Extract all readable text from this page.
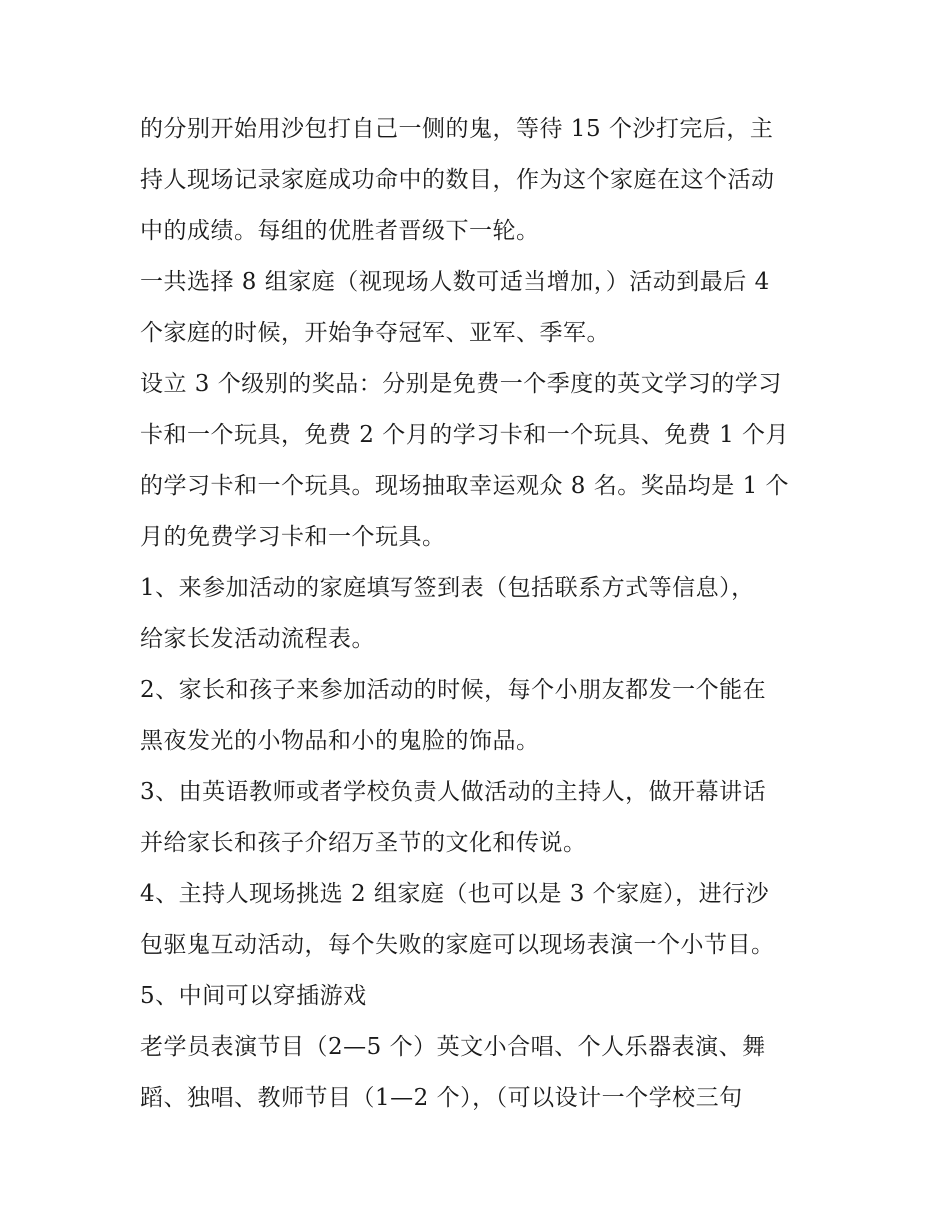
的分别开始用沙包打自己一侧的鬼，等待 15 个沙打完后，主
持人现场记录家庭成功命中的数目，作为这个家庭在这个活动
中的成绩。每组的优胜者晋级下一轮。
一共选择 8 组家庭（视现场人数可适当增加，）活动到最后 4
个家庭的时候，开始争夺冠军、亚军、季军。
设立 3 个级别的奖品：分别是免费一个季度的英文学习的学习
卡和一个玩具，免费 2 个月的学习卡和一个玩具、免费 1 个月
的学习卡和一个玩具。现场抽取幸运观众 8 名。奖品均是 1 个
月的免费学习卡和一个玩具。
1、来参加活动的家庭填写签到表（包括联系方式等信息），
给家长发活动流程表。
2、家长和孩子来参加活动的时候，每个小朋友都发一个能在
黑夜发光的小物品和小的鬼脸的饰品。
3、由英语教师或者学校负责人做活动的主持人，做开幕讲话
并给家长和孩子介绍万圣节的文化和传说。
4、主持人现场挑选 2 组家庭（也可以是 3 个家庭），进行沙
包驱鬼互动活动，每个失败的家庭可以现场表演一个小节目。
5、中间可以穿插游戏
老学员表演节目（2—5 个）英文小合唱、个人乐器表演、舞
蹈、独唱、教师节目（1—2 个），（可以设计一个学校三句
